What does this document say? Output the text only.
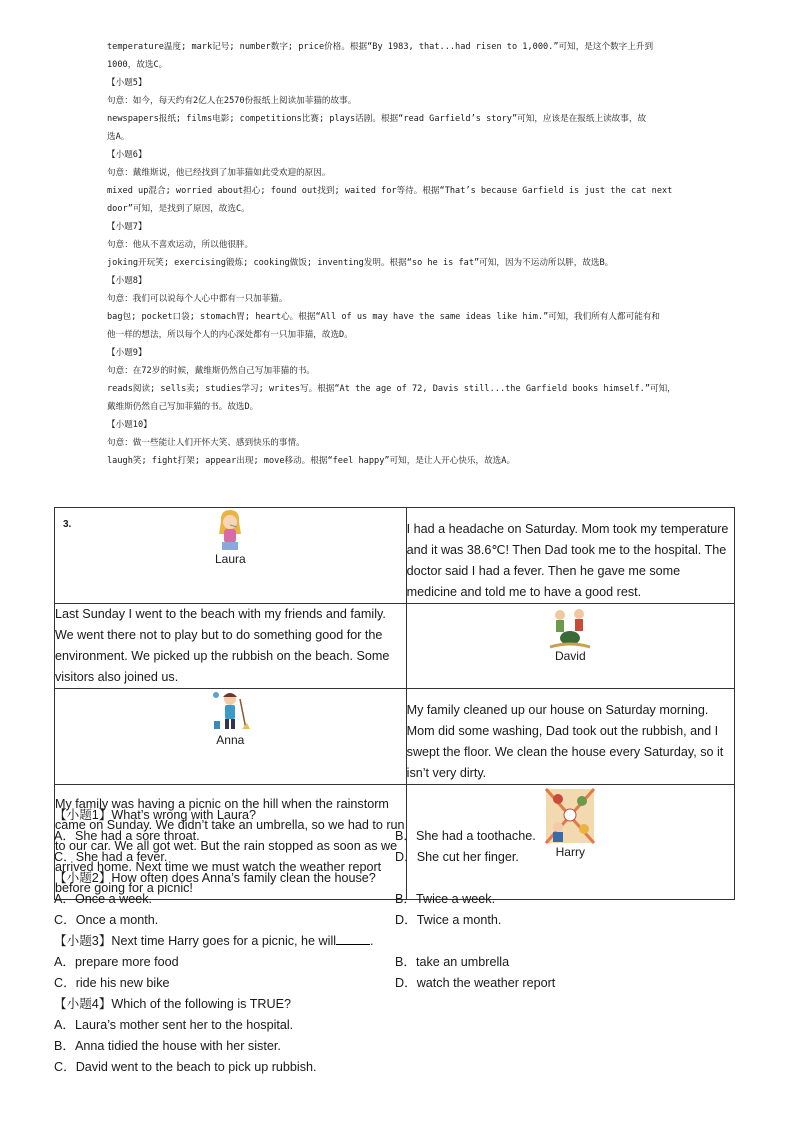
temperature温度; mark记号; number数字; price价格。根据“By 1983, that...had risen to 1,000.”可知，是这个数字上升到

1000，故选C。

【小题5】

句意：如今，每天约有2亿人在2570份报纸上阅读加菲猫的故事。

newspapers报纸; films电影; competitions比赛; plays话剧。根据“read Garfield’s story”可知，应该是在报纸上读故事，故

选A。

【小题6】

句意：戴维斯说，他已经找到了加菲猫如此受欢迎的原因。

mixed up混合; worried about担心; found out找到; waited for等待。根据“That’s because Garfield is just the cat next

door”可知，是找到了原因，故选C。

【小题7】

句意：他从不喜欢运动，所以他很胖。

joking开玩笑; exercising锻炼; cooking做饭; inventing发明。根据“so he is fat”可知，因为不运动所以胖，故选B。

【小题8】

句意：我们可以说每个人心中都有一只加菲猫。

bag包; pocket口袋; stomach胃; heart心。根据“All of us may have the same ideas like him.”可知，我们所有人都可能有和

他一样的想法，所以每个人的内心深处都有一只加菲猫，故选D。

【小题9】

句意：在72岁的时候，戴维斯仍然自己写加菲猫的书。

reads阅读; sells卖; studies学习; writes写。根据“At the age of 72, Davis still...the Garfield books himself.”可知，

戴维斯仍然自己写加菲猫的书。故选D。

【小题10】

句意：做一些能让人们开怀大笑、感到快乐的事情。

laugh笑; fight打架; appear出现; move移动。根据“feel happy”可知，是让人开心快乐，故选A。

3.
Laura	I had a headache on Saturday. Mom took my temperature and it was 38.6℃! Then Dad took me to the hospital. The doctor said I had a fever. Then he gave me some medicine and told me to have a good rest.
Last Sunday I went to the beach with my friends and family. We went there not to play but to do something good for the environment. We picked up the rubbish on the beach. Some visitors also joined us.	David

Anna	My family cleaned up our house on Saturday morning. Mom did some washing, Dad took out the rubbish, and I swept the floor. We clean the house every Saturday, so it isn’t very dirty.
My family was having a picnic on the hill when the rainstorm came on Sunday. We didn’t take an umbrella, so we had to run to our car. We all got wet. But the rain stopped as soon as we arrived home. Next time we must watch the weather report before going for a picnic!	Harry
【小题1】What’s wrong with Laura?
A．She had a sore throat.	B．She had a toothache.
C．She had a fever.	D．She cut her finger.
【小题2】How often does Anna’s family clean the house?
A．Once a week.	B．Twice a week.
C．Once a month.	D．Twice a month.
【小题3】Next time Harry goes for a picnic, he will	.
A．prepare more food	B．take an umbrella
C．ride his new bike	D．watch the weather report
【小题4】Which of the following is TRUE?
A．Laura’s mother sent her to the hospital.
B．Anna tidied the house with her sister.
C．David went to the beach to pick up rubbish.
